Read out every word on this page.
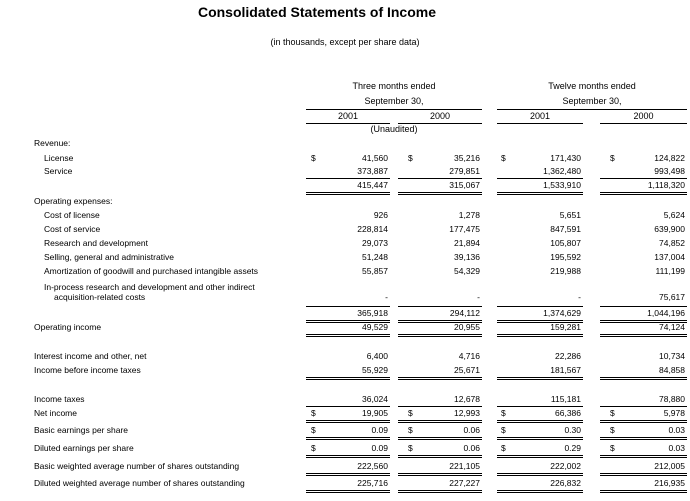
Consolidated Statements of Income
(in thousands, except per share data)
Three months ended
September 30,
Twelve months ended
September 30,
2001	2000	2001	2000
(Unaudited)
Revenue:
License	$	41,560 $	35,216 $	171,430	$	124,822
Service	373,887	279,851	1,362,480	993,498
415,447	315,067	1,533,910	1,118,320
Operating expenses:
Cost of license	926	1,278	5,651	5,624
Cost of service	228,814	177,475	847,591	639,900
Research and development	29,073	21,894	105,807	74,852
Selling, general and administrative	51,248	39,136	195,592	137,004
Amortization of goodwill and purchased intangible assets	55,857	54,329	219,988	111,199
In-process research and development and other indirect
acquisition-related costs	-	-	-	75,617
365,918	294,112	1,374,629	1,044,196
Operating income	49,529	20,955	159,281	74,124
Interest income and other, net	6,400	4,716	22,286	10,734
Income before income taxes	55,929	25,671	181,567	84,858
Income taxes	36,024	12,678	115,181	78,880
Net income	$	19,905 $	12,993 $	66,386	$	5,978
Basic earnings per share	$	0.09 $	0.06 $	0.30	$	0.03
Diluted earnings per share	$	0.09 $	0.06 $	0.29	$	0.03
Basic weighted average number of shares outstanding	222,560	221,105	222,002	212,005
Diluted weighted average number of shares outstanding	225,716	227,227	226,832	216,935
